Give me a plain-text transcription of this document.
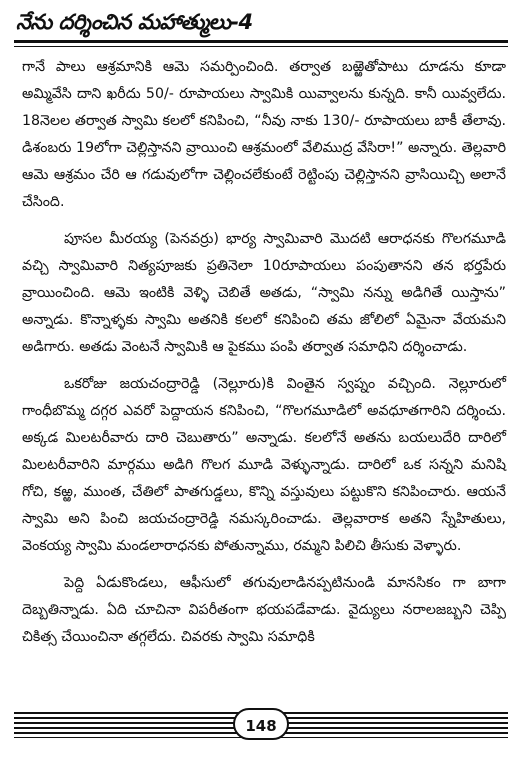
నేను దర్శించిన మహాత్ములు-4

గానే పాలు ఆశ్రమానికి ఆమె సమర్పించింది. తర్వాత బఱ్ఱెతోపాటు దూడను కూడా అమ్మివేసి దాని ఖరీదు 50/- రూపాయలు స్వామికి యివ్వాలను కున్నది. కానీ యివ్వలేదు. 18నెలల తర్వాత స్వామి కలలో కనిపించి, “నీవు నాకు 130/- రూపాయలు బాకీ తేలావు. డిశంబరు 19లోగా చెల్లిస్తానని వ్రాయించి ఆశ్రమంలో వేలిముద్ర వేసిరా!” అన్నారు. తెల్లవారి ఆమె ఆశ్రమం చేరి ఆ గడువులోగా చెల్లించలేకుంటే రెట్టింపు చెల్లిస్తానని వ్రాసియిచ్చి అలానే చేసింది.

పూసల మీరయ్య (పెనవర్రు) భార్య స్వామివారి మొదటి ఆరాధనకు గొలగమూడి వచ్చి స్వామివారి నిత్యపూజకు ప్రతినెలా 10రూపాయలు పంపుతానని తన భర్తపేరు వ్రాయించింది. ఆమె ఇంటికి వెళ్ళి చెబితే అతడు, “స్వామి నన్ను అడిగితే యిస్తాను” అన్నాడు. కొన్నాళ్ళకు స్వామి అతనికి కలలో కనిపించి తమ జోలిలో ఏమైనా వేయమని అడిగారు. అతడు వెంటనే స్వామికి ఆ పైకము పంపి తర్వాత సమాధిని దర్శించాడు.

ఒకరోజు జయచంద్రారెడ్డి (నెల్లూరు)కి వింతైన స్వప్నం వచ్చింది. నెల్లూరులో గాంధీబొమ్మ దగ్గర ఎవరో పెద్దాయన కనిపించి, “గొలగమూడిలో అవధూతగారిని దర్శించు. అక్కడ మిలటరీవారు దారి చెబుతారు” అన్నాడు. కలలోనే అతను బయలుదేరి దారిలో మిలటరీవారిని మార్గము అడిగి గొలగ మూడి వెళ్ళున్నాడు. దారిలో ఒక సన్నని మనిషి గోచి, కఱ్ఱ, ముంత, చేతిలో పాతగుడ్డలు, కొన్ని వస్తువులు పట్టుకొని కనిపించారు. ఆయనే స్వామి అని పించి జయచంద్రారెడ్డి నమస్కరించాడు. తెల్లవారాక అతని స్నేహితులు, వెంకయ్య స్వామి మండలారాధనకు పోతున్నాము, రమ్మని పిలిచి తీసుకు వెళ్ళారు.

పెద్ది ఏడుకొండలు, ఆఫీసులో తగువులాడినప్పటినుండి మానసికం గా బాగా దెబ్బతిన్నాడు. ఏది చూచినా విపరీతంగా భయపడేవాడు. వైద్యులు నరాలజబ్బని చెప్పి చికిత్స చేయించినా తగ్గలేదు. చివరకు స్వామి సమాధికి

148
